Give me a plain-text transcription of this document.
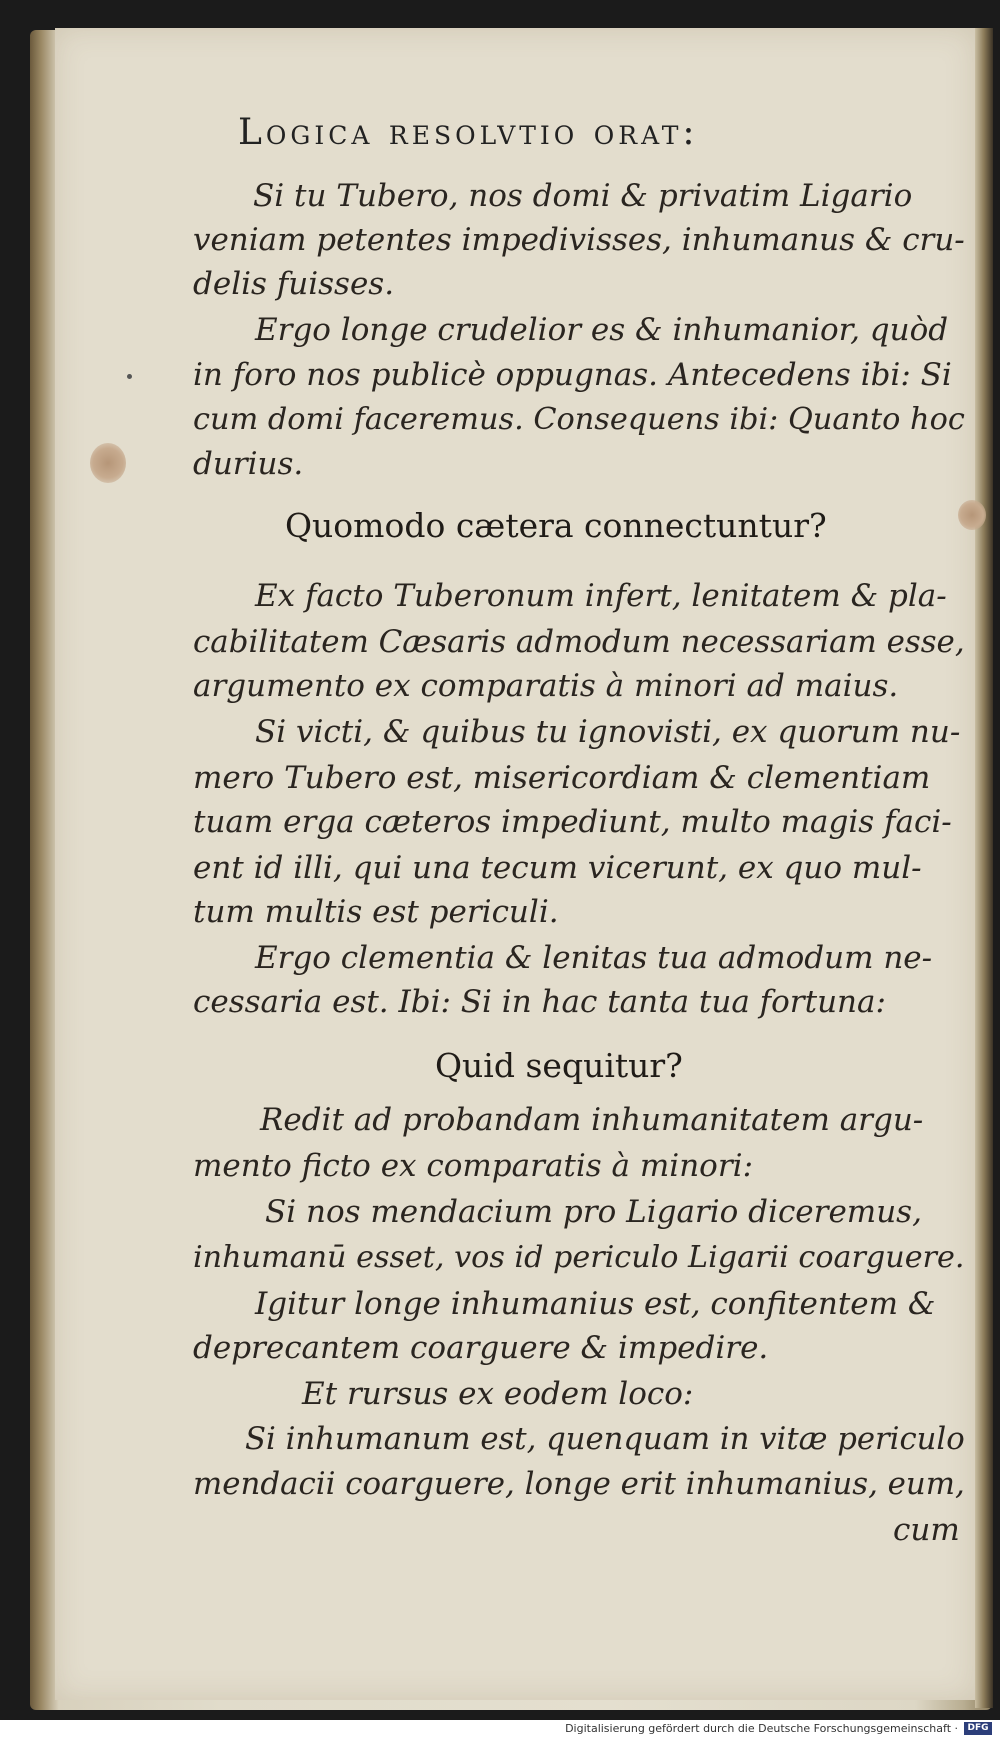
Logica resolvtio orat:
Si tu Tubero, nos domi & privatim Ligario
veniam petentes impedivisses, inhumanus & cru-
delis fuisses.
Ergo longe crudelior es & inhumanior, quòd
in foro nos publicè oppugnas. Antecedens ibi: Si
cum domi faceremus. Consequens ibi: Quanto hoc
durius.
Quomodo cætera connectuntur?
Ex facto Tuberonum infert, lenitatem & pla-
cabilitatem Cæsaris admodum necessariam esse,
argumento ex comparatis à minori ad maius.
Si victi, & quibus tu ignovisti, ex quorum nu-
mero Tubero est, misericordiam & clementiam
tuam erga cæteros impediunt, multo magis faci-
ent id illi, qui una tecum vicerunt, ex quo mul-
tum multis est periculi.
Ergo clementia & lenitas tua admodum ne-
cessaria est. Ibi: Si in hac tanta tua fortuna:
Quid sequitur?
Redit ad probandam inhumanitatem argu-
mento ficto ex comparatis à minori:
Si nos mendacium pro Ligario diceremus,
inhumanū esset, vos id periculo Ligarii coarguere.
Igitur longe inhumanius est, confitentem &
deprecantem coarguere & impedire.
Et rursus ex eodem loco:
Si inhumanum est, quenquam in vitæ periculo
mendacii coarguere, longe erit inhumanius, eum,
cum
Digitalisierung gefördert durch die Deutsche Forschungsgemeinschaft ·	DFG
